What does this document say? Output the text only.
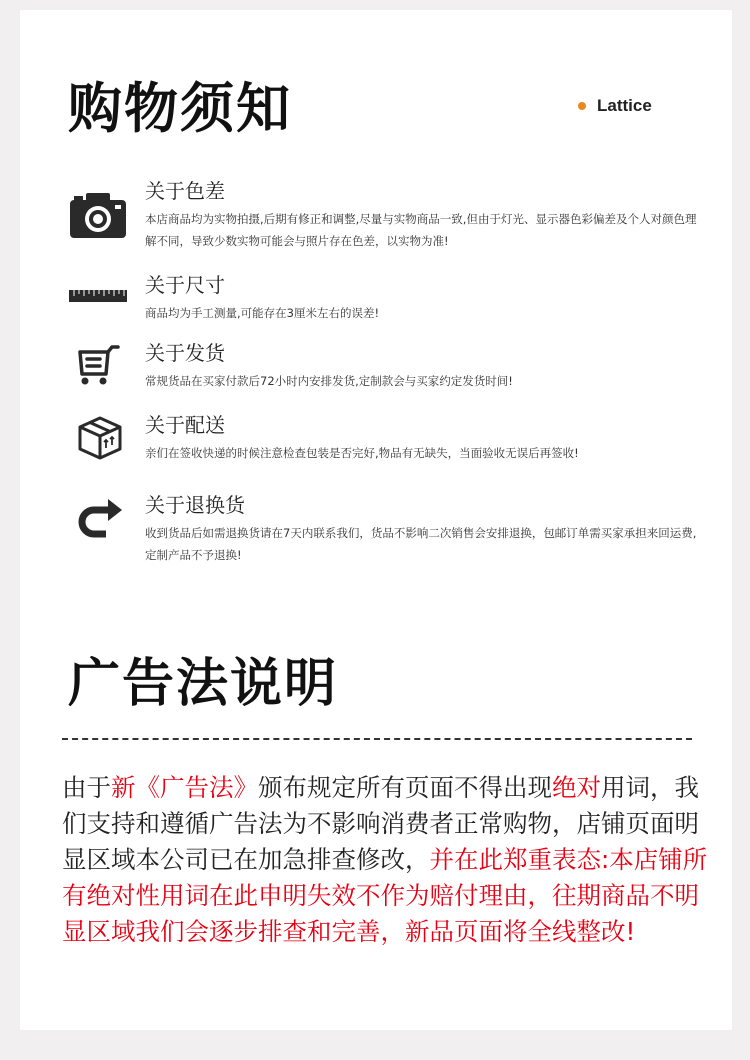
购物须知	Lattice

关于色差

本店商品均为实物拍摄,后期有修正和调整,尽量与实物商品一致,但由于灯光、显示器色彩偏差及个人对颜色理解不同，导致少数实物可能会与照片存在色差，以实物为准!

关于尺寸

商品均为手工测量,可能存在3厘米左右的误差!

关于发货

常规货品在买家付款后72小时内安排发货,定制款会与买家约定发货时间!

关于配送

亲们在签收快递的时候注意检查包装是否完好,物品有无缺失，当面验收无误后再签收!

关于退换货

收到货品后如需退换货请在7天内联系我们，货品不影响二次销售会安排退换，包邮订单需买家承担来回运费,定制产品不予退换!

广告法说明

由于新《广告法》颁布规定所有页面不得出现绝对用词，我们支持和遵循广告法为不影响消费者正常购物，店铺页面明显区域本公司已在加急排查修改，并在此郑重表态:本店铺所有绝对性用词在此申明失效不作为赔付理由，往期商品不明显区域我们会逐步排查和完善，新品页面将全线整改!
